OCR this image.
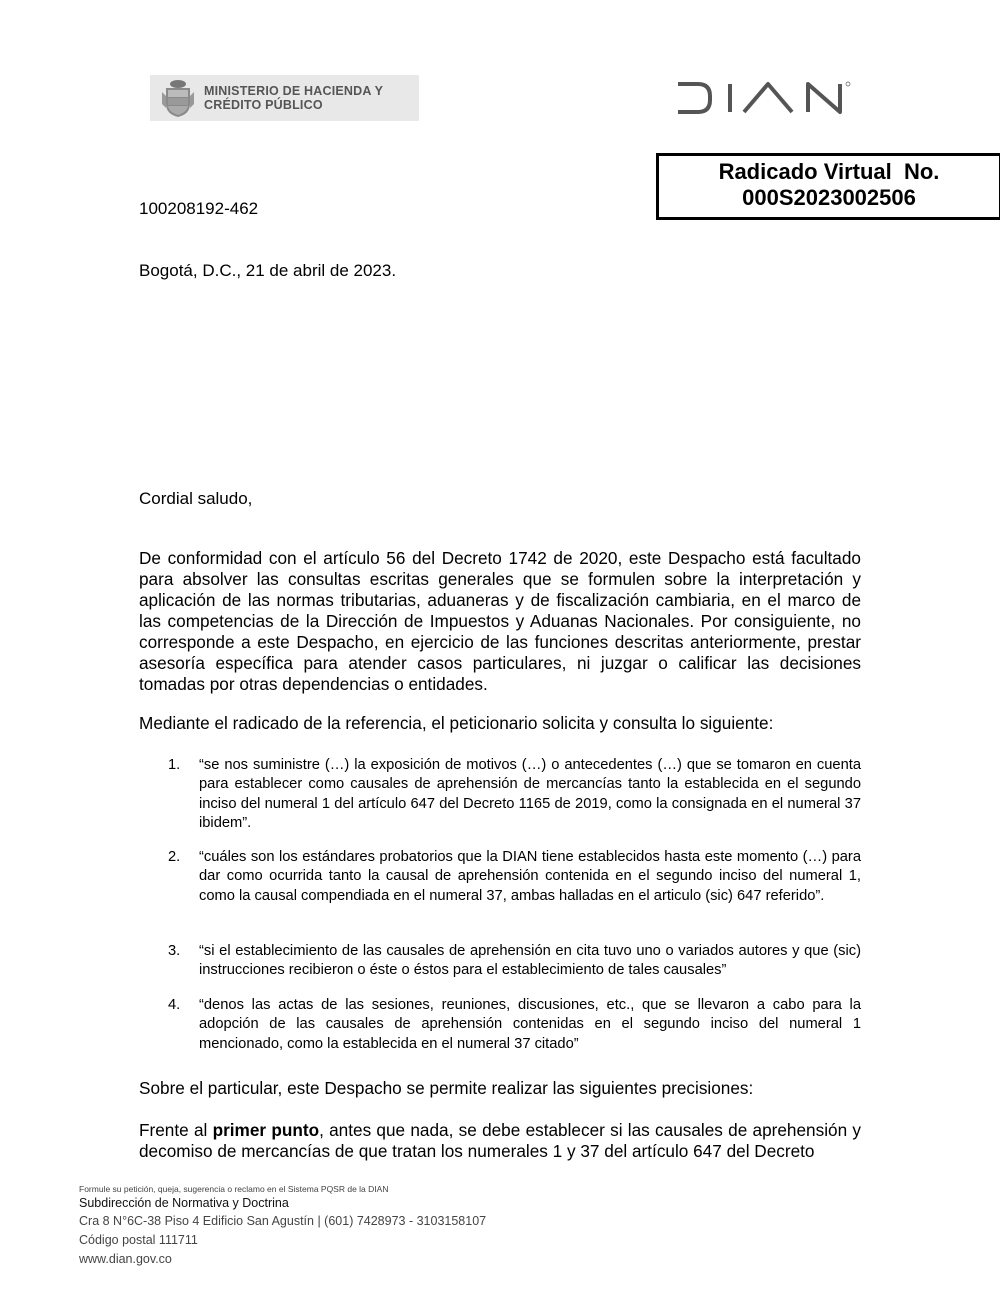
MINISTERIO DE HACIENDA Y
CRÉDITO PÚBLICO
Radicado Virtual  No.
000S2023002506
100208192-462
Bogotá, D.C., 21 de abril de 2023.
Cordial saludo,

De conformidad con el artículo 56 del Decreto 1742 de 2020, este Despacho está facultado para absolver las consultas escritas generales que se formulen sobre la interpretación y aplicación de las normas tributarias, aduaneras y de fiscalización cambiaria, en el marco de las competencias de la Dirección de Impuestos y Aduanas Nacionales. Por consiguiente, no corresponde a este Despacho, en ejercicio de las funciones descritas anteriormente, prestar asesoría específica para atender casos particulares, ni juzgar o calificar las decisiones tomadas por otras dependencias o entidades.

Mediante el radicado de la referencia, el peticionario solicita y consulta lo siguiente:

1. “se nos suministre (…) la exposición de motivos (…) o antecedentes (…) que se tomaron en cuenta para establecer como causales de aprehensión de mercancías tanto la establecida en el segundo inciso del numeral 1 del artículo 647 del Decreto 1165 de 2019, como la consignada en el numeral 37 ibidem”.
2. “cuáles son los estándares probatorios que la DIAN tiene establecidos hasta este momento (…) para dar como ocurrida tanto la causal de aprehensión contenida en el segundo inciso del numeral 1, como la causal compendiada en el numeral 37, ambas halladas en el articulo (sic) 647 referido”.
3. “si el establecimiento de las causales de aprehensión en cita tuvo uno o variados autores y que (sic) instrucciones recibieron o éste o éstos para el establecimiento de tales causales”
4. “denos las actas de las sesiones, reuniones, discusiones, etc., que se llevaron a cabo para la adopción de las causales de aprehensión contenidas en el segundo inciso del numeral 1 mencionado, como la establecida en el numeral 37 citado”

Sobre el particular, este Despacho se permite realizar las siguientes precisiones:

Frente al primer punto, antes que nada, se debe establecer si las causales de aprehensión y decomiso de mercancías de que tratan los numerales 1 y 37 del artículo 647 del Decreto

Formule su petición, queja, sugerencia o reclamo en el Sistema PQSR de la DIAN
Subdirección de Normativa y Doctrina
Cra 8 N°6C-38 Piso 4 Edificio San Agustín | (601) 7428973 - 3103158107
Código postal 111711
www.dian.gov.co
